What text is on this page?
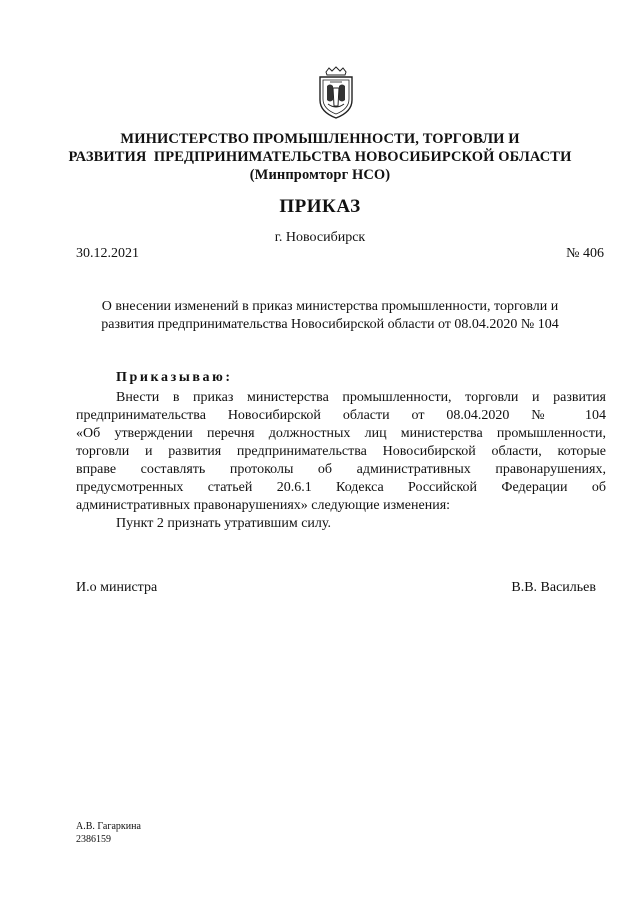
МИНИСТЕРСТВО ПРОМЫШЛЕННОСТИ, ТОРГОВЛИ И
РАЗВИТИЯ  ПРЕДПРИНИМАТЕЛЬСТВА НОВОСИБИРСКОЙ ОБЛАСТИ
(Минпромторг НСО)
ПРИКАЗ
г. Новосибирск
30.12.2021	№ 406
О внесении изменений в приказ министерства промышленности, торговли и
развития предпринимательства Новосибирской области от 08.04.2020 № 104
Приказываю:
Внести в приказ министерства промышленности, торговли и развития
предпринимательства Новосибирской области от 08.04.2020 № 104
«Об утверждении перечня должностных лиц министерства промышленности,
торговли и развития предпринимательства Новосибирской области, которые
вправе составлять протоколы об административных правонарушениях,
предусмотренных статьей 20.6.1 Кодекса Российской Федерации об
административных правонарушениях» следующие изменения:
Пункт 2 признать утратившим силу.
И.о министра	В.В. Васильев
А.В. Гагаркина
2386159
